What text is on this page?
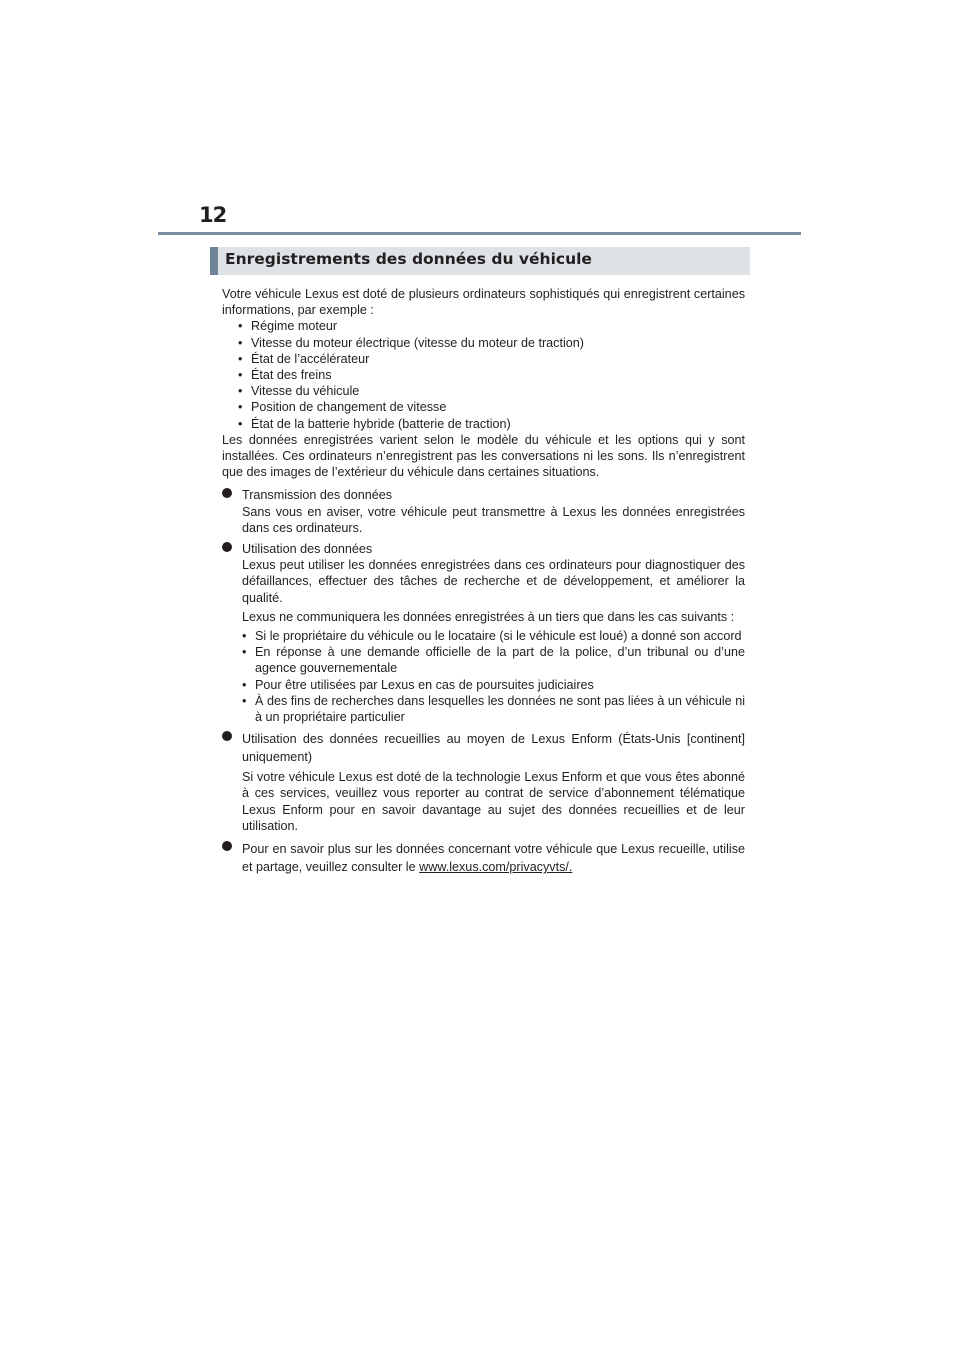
12
Enregistrements des données du véhicule

Votre véhicule Lexus est doté de plusieurs ordinateurs sophistiqués qui enregistrent certaines informations, par exemple :

• Régime moteur
• Vitesse du moteur électrique (vitesse du moteur de traction)
• État de l’accélérateur
• État des freins
• Vitesse du véhicule
• Position de changement de vitesse
• État de la batterie hybride (batterie de traction)

Les données enregistrées varient selon le modèle du véhicule et les options qui y sont installées. Ces ordinateurs n’enregistrent pas les conversations ni les sons. Ils n’enregistrent que des images de l’extérieur du véhicule dans certaines situations.

Transmission des données

Sans vous en aviser, votre véhicule peut transmettre à Lexus les données enregistrées dans ces ordinateurs.

Utilisation des données

Lexus peut utiliser les données enregistrées dans ces ordinateurs pour diagnostiquer des défaillances, effectuer des tâches de recherche et de développement, et améliorer la qualité.

Lexus ne communiquera les données enregistrées à un tiers que dans les cas suivants :

• Si le propriétaire du véhicule ou le locataire (si le véhicule est loué) a donné son accord
• En réponse à une demande officielle de la part de la police, d’un tribunal ou d’une agence gouvernementale
• Pour être utilisées par Lexus en cas de poursuites judiciaires
• À des fins de recherches dans lesquelles les données ne sont pas liées à un véhicule ni à un propriétaire particulier

Utilisation des données recueillies au moyen de Lexus Enform (États-Unis [continent] uniquement)

Si votre véhicule Lexus est doté de la technologie Lexus Enform et que vous êtes abonné à ces services, veuillez vous reporter au contrat de service d’abonnement télématique Lexus Enform pour en savoir davantage au sujet des données recueillies et de leur utilisation.

Pour en savoir plus sur les données concernant votre véhicule que Lexus recueille, utilise et partage, veuillez consulter le www.lexus.com/privacyvts/.
